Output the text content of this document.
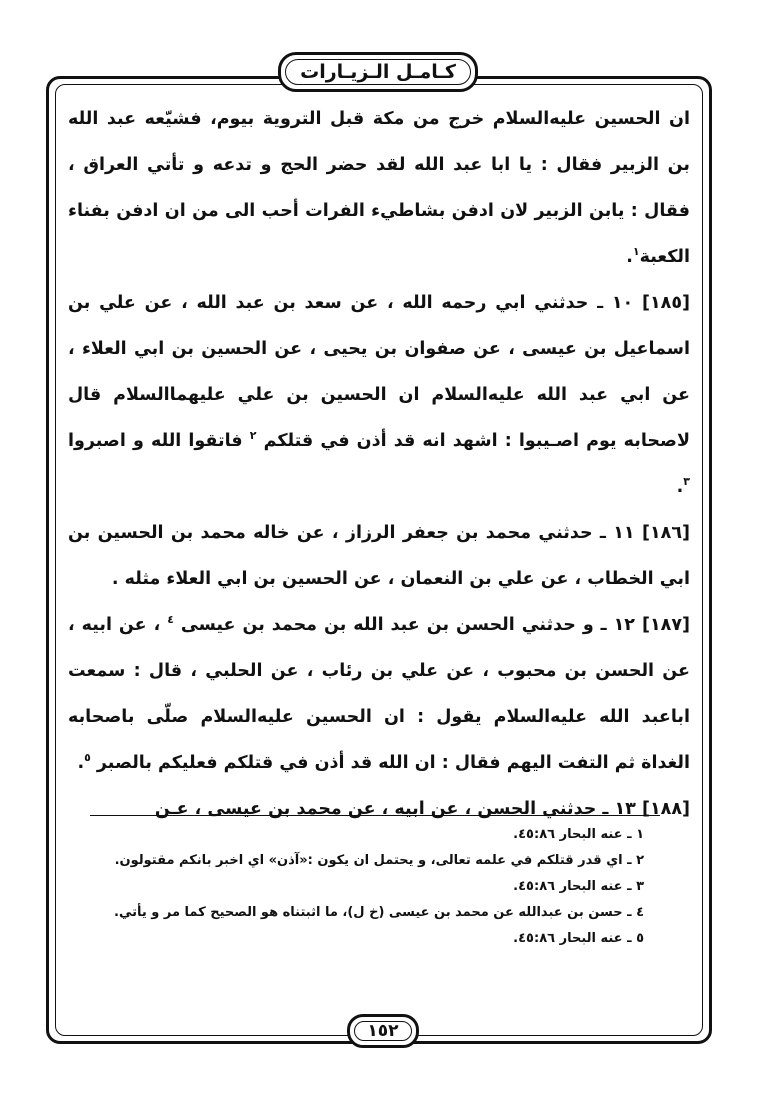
كـامـل الـزيـارات

ان الحسين عليه‌السلام خرج من مكة قبل التروية بيوم، فشيّعه عبد الله بن الزبير فقال : يا ابا عبد الله لقد حضر الحج و تدعه و تأتي العراق ، فقال : يابن الزبير لان ادفن بشاطيء الفرات أحب الى من ان ادفن بفناء الكعبة$^١$.

[١٨٥] ١٠ ـ حدثني ابي رحمه الله ، عن سعد بن عبد الله ، عن علي بن اسماعيل بن عيسى ، عن صفوان بن يحيى ، عن الحسين بن ابي العلاء ، عن ابي عبد الله عليه‌السلام ان الحسين بن علي عليهما‌السلام قال لاصحابه يوم اصـيبوا : اشهد انه قد أذن في قتلكم $^٢$ فاتقوا الله و اصبروا $^٣$.

[١٨٦] ١١ ـ حدثني محمد بن جعفر الرزاز ، عن خاله محمد بن الحسين بن ابي الخطاب ، عن علي بن النعمان ، عن الحسين بن ابي العلاء مثله .

[١٨٧] ١٢ ـ و حدثني الحسن بن عبد الله بن محمد بن عيسى $^٤$ ، عن ابيه ، عن الحسن بن محبوب ، عن علي بن رئاب ، عن الحلبي ، قال : سمعت اباعبد الله عليه‌السلام يقول : ان الحسين عليه‌السلام صلّى باصحابه الغداة ثم التفت اليهم فقال : ان الله قد أذن في قتلكم فعليكم بالصبر $^٥$.

[١٨٨] ١٣ ـ حدثني الحسن ، عن ابيه ، عن محمد بن عيسى ، عـن

١ ـ عنه البحار ٤٥:٨٦.

٢ ـ اي قدر قتلكم في علمه تعالى، و يحتمل ان يكون :«آذن» اي اخبر بانكم مقتولون.

٣ ـ عنه البحار ٤٥:٨٦.

٤ ـ حسن بن عبدالله عن محمد بن عيسى (خ ل)، ما اثبتناه هو الصحيح كما مر و يأتي.

٥ ـ عنه البحار ٤٥:٨٦.

١٥٢
